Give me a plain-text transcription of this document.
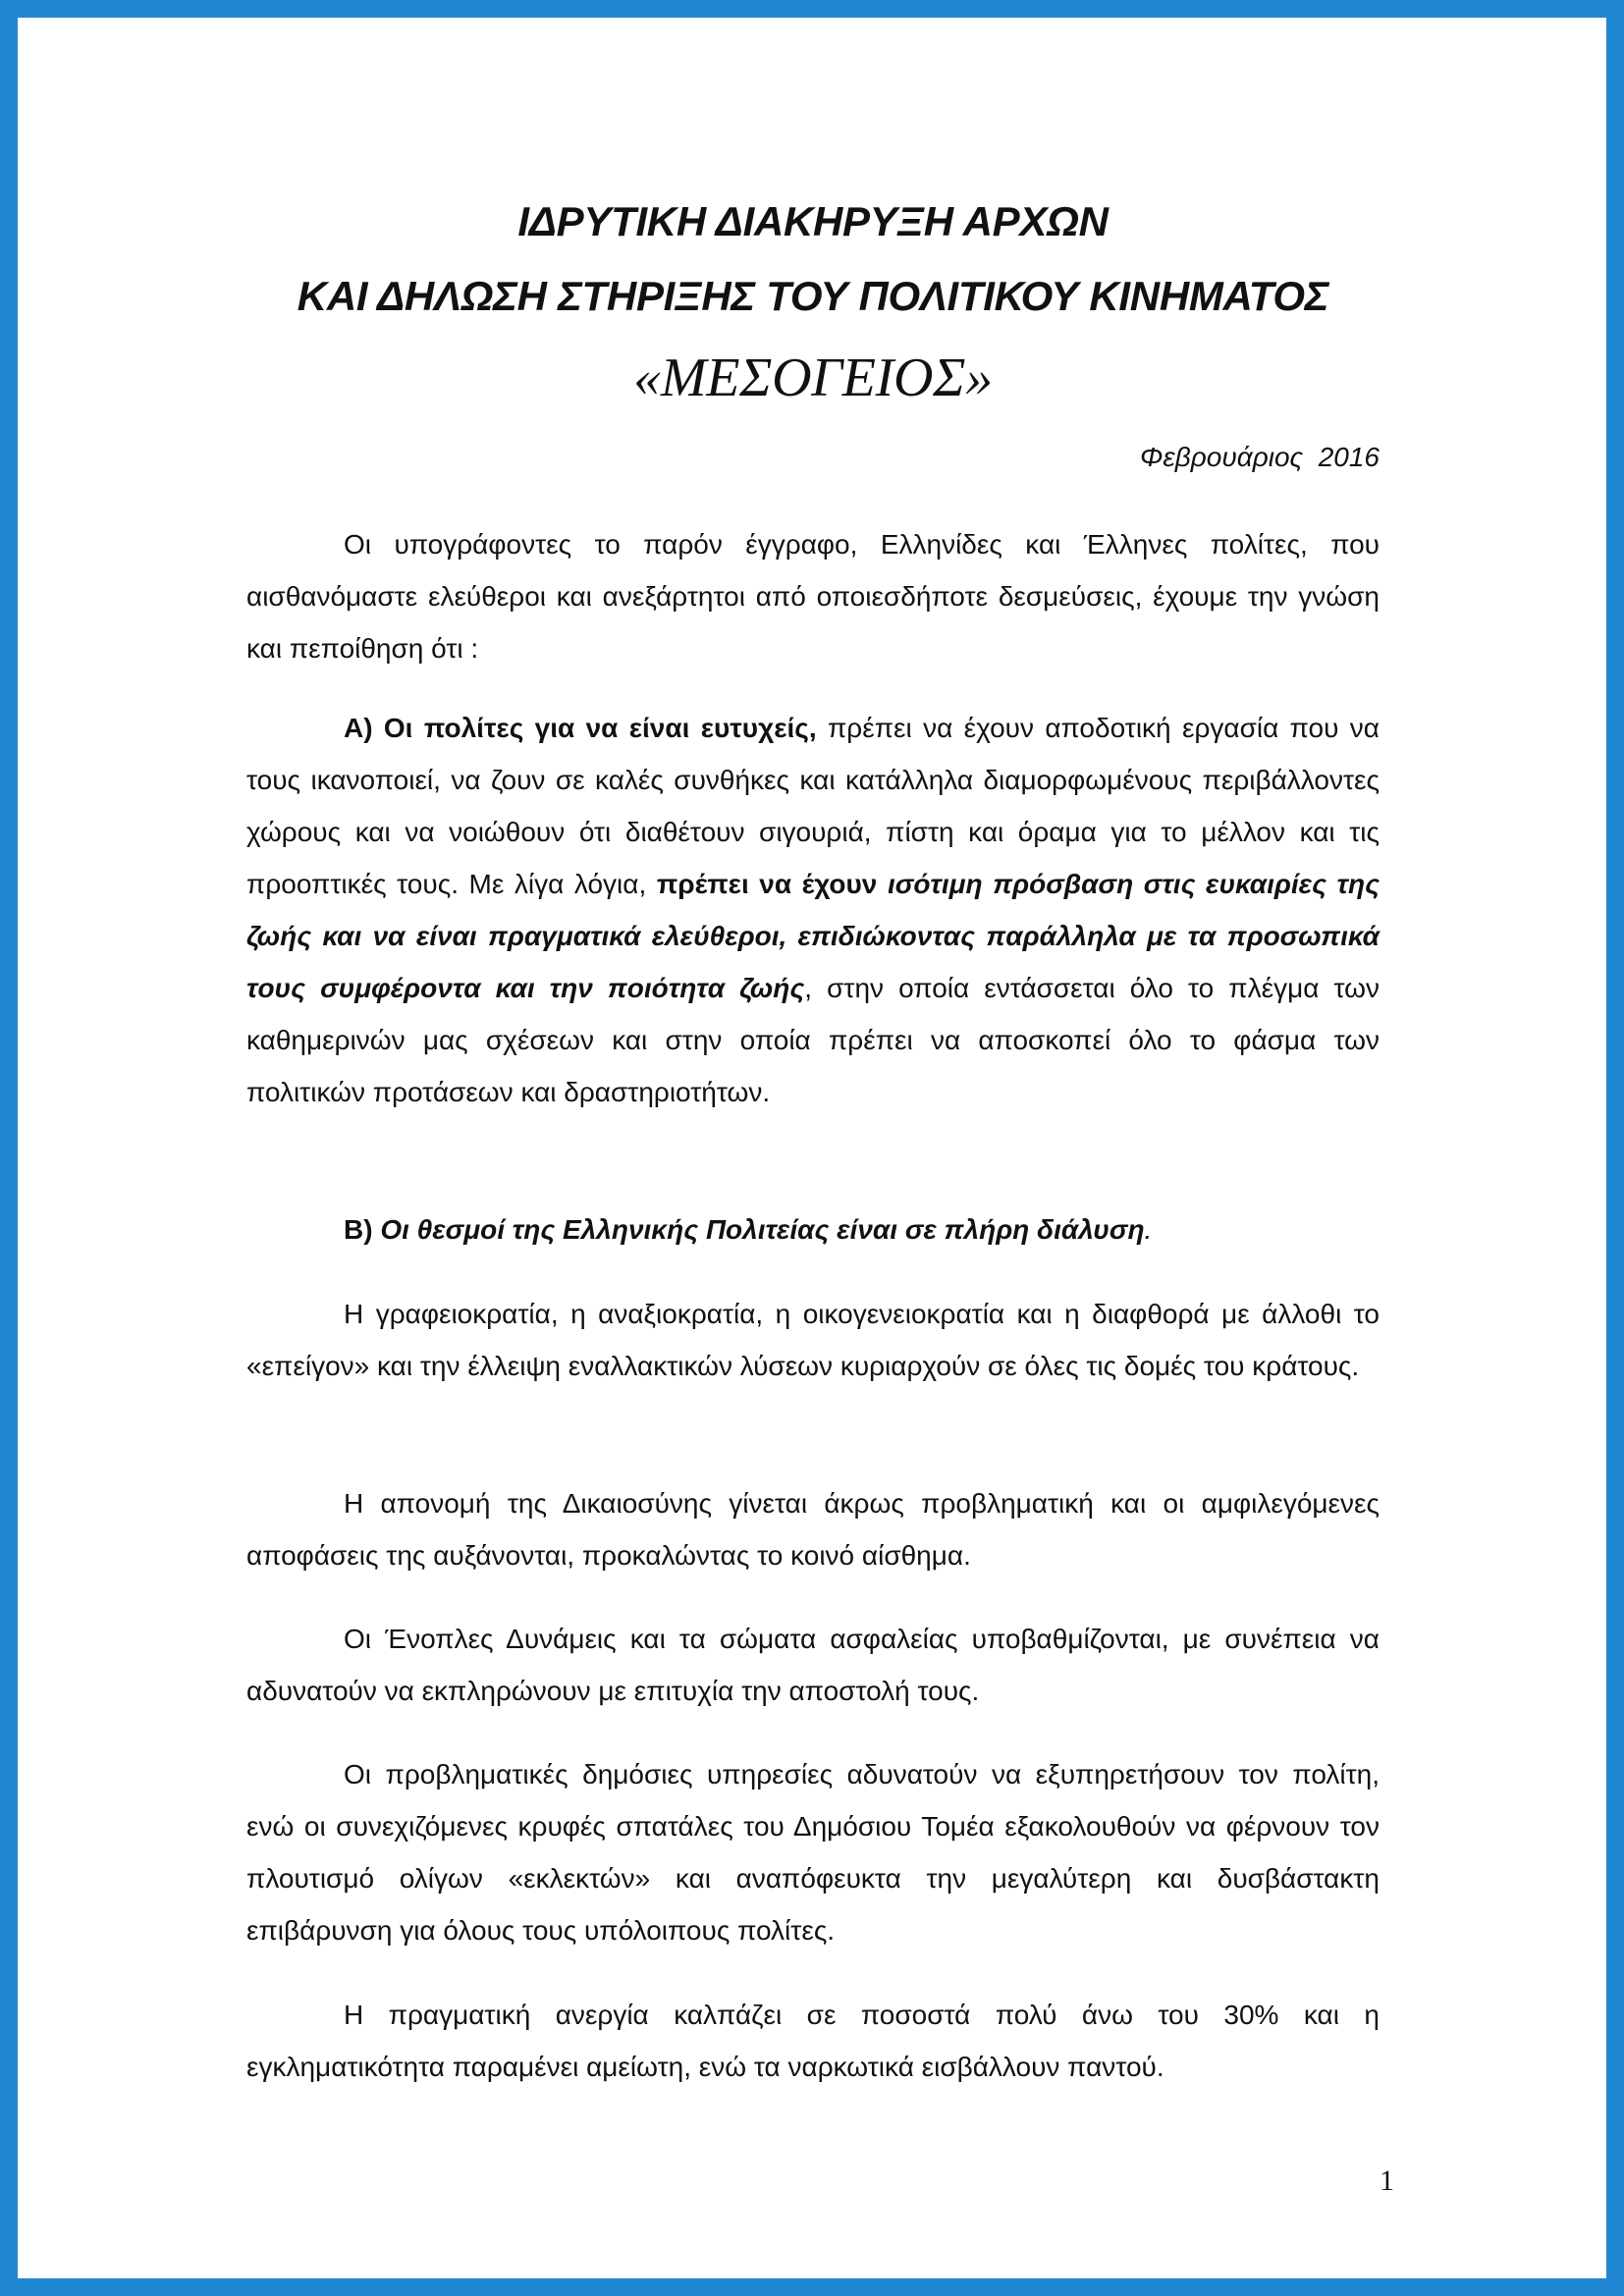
ΙΔΡΥΤΙΚΗ ΔΙΑΚΗΡΥΞΗ ΑΡΧΩΝ
ΚΑΙ ΔΗΛΩΣΗ ΣΤΗΡΙΞΗΣ ΤΟΥ ΠΟΛΙΤΙΚΟΥ ΚΙΝΗΜΑΤΟΣ
«ΜΕΣΟΓΕΙΟΣ»
Φεβρουάριος  2016

Οι υπογράφοντες το παρόν έγγραφο, Ελληνίδες και Έλληνες πολίτες, που αισθανόμαστε ελεύθεροι και ανεξάρτητοι από οποιεσδήποτε δεσμεύσεις, έχουμε την γνώση και πεποίθηση ότι :

Α) Οι πολίτες για να είναι ευτυχείς, πρέπει να έχουν αποδοτική εργασία που να τους ικανοποιεί, να ζουν σε καλές συνθήκες και κατάλληλα διαμορφωμένους περιβάλλοντες χώρους και να νοιώθουν ότι διαθέτουν σιγουριά, πίστη και όραμα για το μέλλον και τις προοπτικές τους. Με λίγα λόγια, πρέπει να έχουν ισότιμη πρόσβαση στις ευκαιρίες της ζωής και να είναι πραγματικά ελεύθεροι, επιδιώκοντας παράλληλα με τα προσωπικά τους συμφέροντα και την ποιότητα ζωής, στην οποία εντάσσεται όλο το πλέγμα των καθημερινών μας σχέσεων και στην οποία πρέπει να αποσκοπεί όλο το φάσμα των πολιτικών προτάσεων και δραστηριοτήτων.

Β) Οι θεσμοί της Ελληνικής Πολιτείας είναι σε πλήρη διάλυση.

Η γραφειοκρατία, η αναξιοκρατία, η οικογενειοκρατία και η διαφθορά με άλλοθι το «επείγον» και την έλλειψη εναλλακτικών λύσεων κυριαρχούν σε όλες τις δομές του κράτους.

Η απονομή της Δικαιοσύνης γίνεται άκρως προβληματική και οι αμφιλεγόμενες αποφάσεις της αυξάνονται, προκαλώντας το κοινό αίσθημα.

Οι Ένοπλες Δυνάμεις και τα σώματα ασφαλείας υποβαθμίζονται, με συνέπεια να αδυνατούν να εκπληρώνουν με επιτυχία την αποστολή τους.

Οι προβληματικές δημόσιες υπηρεσίες αδυνατούν να εξυπηρετήσουν τον πολίτη, ενώ οι συνεχιζόμενες κρυφές σπατάλες του Δημόσιου Τομέα εξακολουθούν να φέρνουν τον πλουτισμό ολίγων «εκλεκτών» και αναπόφευκτα την μεγαλύτερη και δυσβάστακτη επιβάρυνση για όλους τους υπόλοιπους πολίτες.

Η πραγματική ανεργία καλπάζει σε ποσοστά πολύ άνω του 30% και η εγκληματικότητα παραμένει αμείωτη, ενώ τα ναρκωτικά εισβάλλουν παντού.

1
